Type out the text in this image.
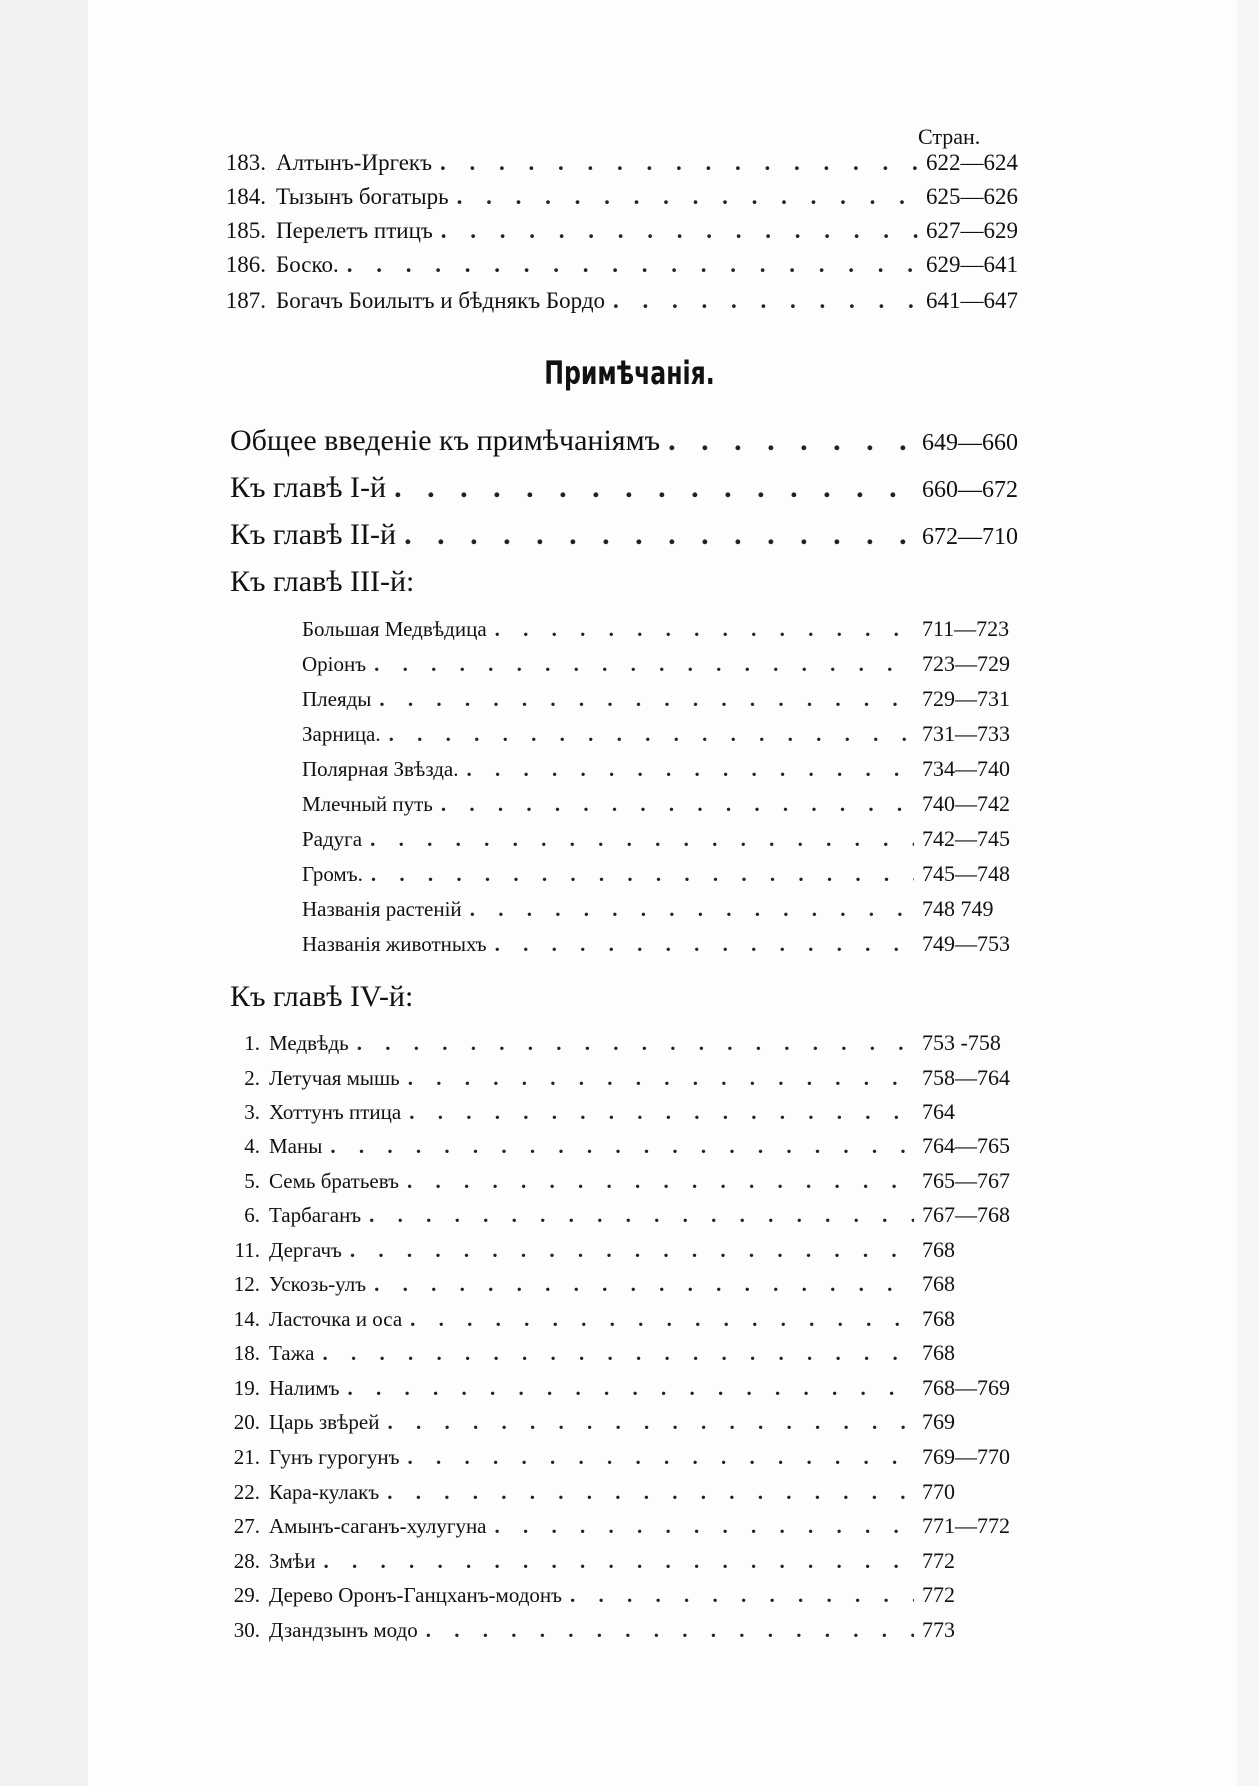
Стран.
183. Алтынъ-Иргекъ . . .	622—624
184. Тызынъ богатырь . . .	625—626
185. Перелетъ птицъ . . .	627—629
186. Боско. . . .	629—641
187. Богачъ Боилытъ и бѣднякъ Бордо . . .	641—647
Примѣчанія.
Общее введеніе къ примѣчаніямъ . . .	649—660
Къ главѣ I-й . . .	660—672
Къ главѣ II-й . . .	672—710
Къ главѣ III-й:
Большая Медвѣдица . . .	711—723
Оріонъ . . .	723—729
Плеяды . . .	729—731
Зарница. . . .	731—733
Полярная Звѣзда. . . .	734—740
Млечный путь . . .	740—742
Радуга . . .	742—745
Громъ. . . .	745—748
Названія растеній . . .	748 749
Названія животныхъ . . .	749—753
Къ главѣ IV-й:
1. Медвѣдь . . .	753 -758
2. Летучая мышь . . .	758—764
3. Хоттунъ птица . . .	764
4. Маны . . .	764—765
5. Семь братьевъ . . .	765—767
6. Тарбаганъ . . .	767—768
11. Дергачъ . . .	768
12. Ускозь-улъ . . .	768
14. Ласточка и оса . . .	768
18. Тажа . . .	768
19. Налимъ . . .	768—769
20. Царь звѣрей . . .	769
21. Гунъ гурогунъ . . .	769—770
22. Кара-кулакъ . . .	770
27. Амынъ-саганъ-хулугуна . . .	771—772
28. Змѣи . . .	772
29. Дерево Оронъ-Ганцханъ-модонъ . . .	772
30. Дзандзынъ модо . . .	773
